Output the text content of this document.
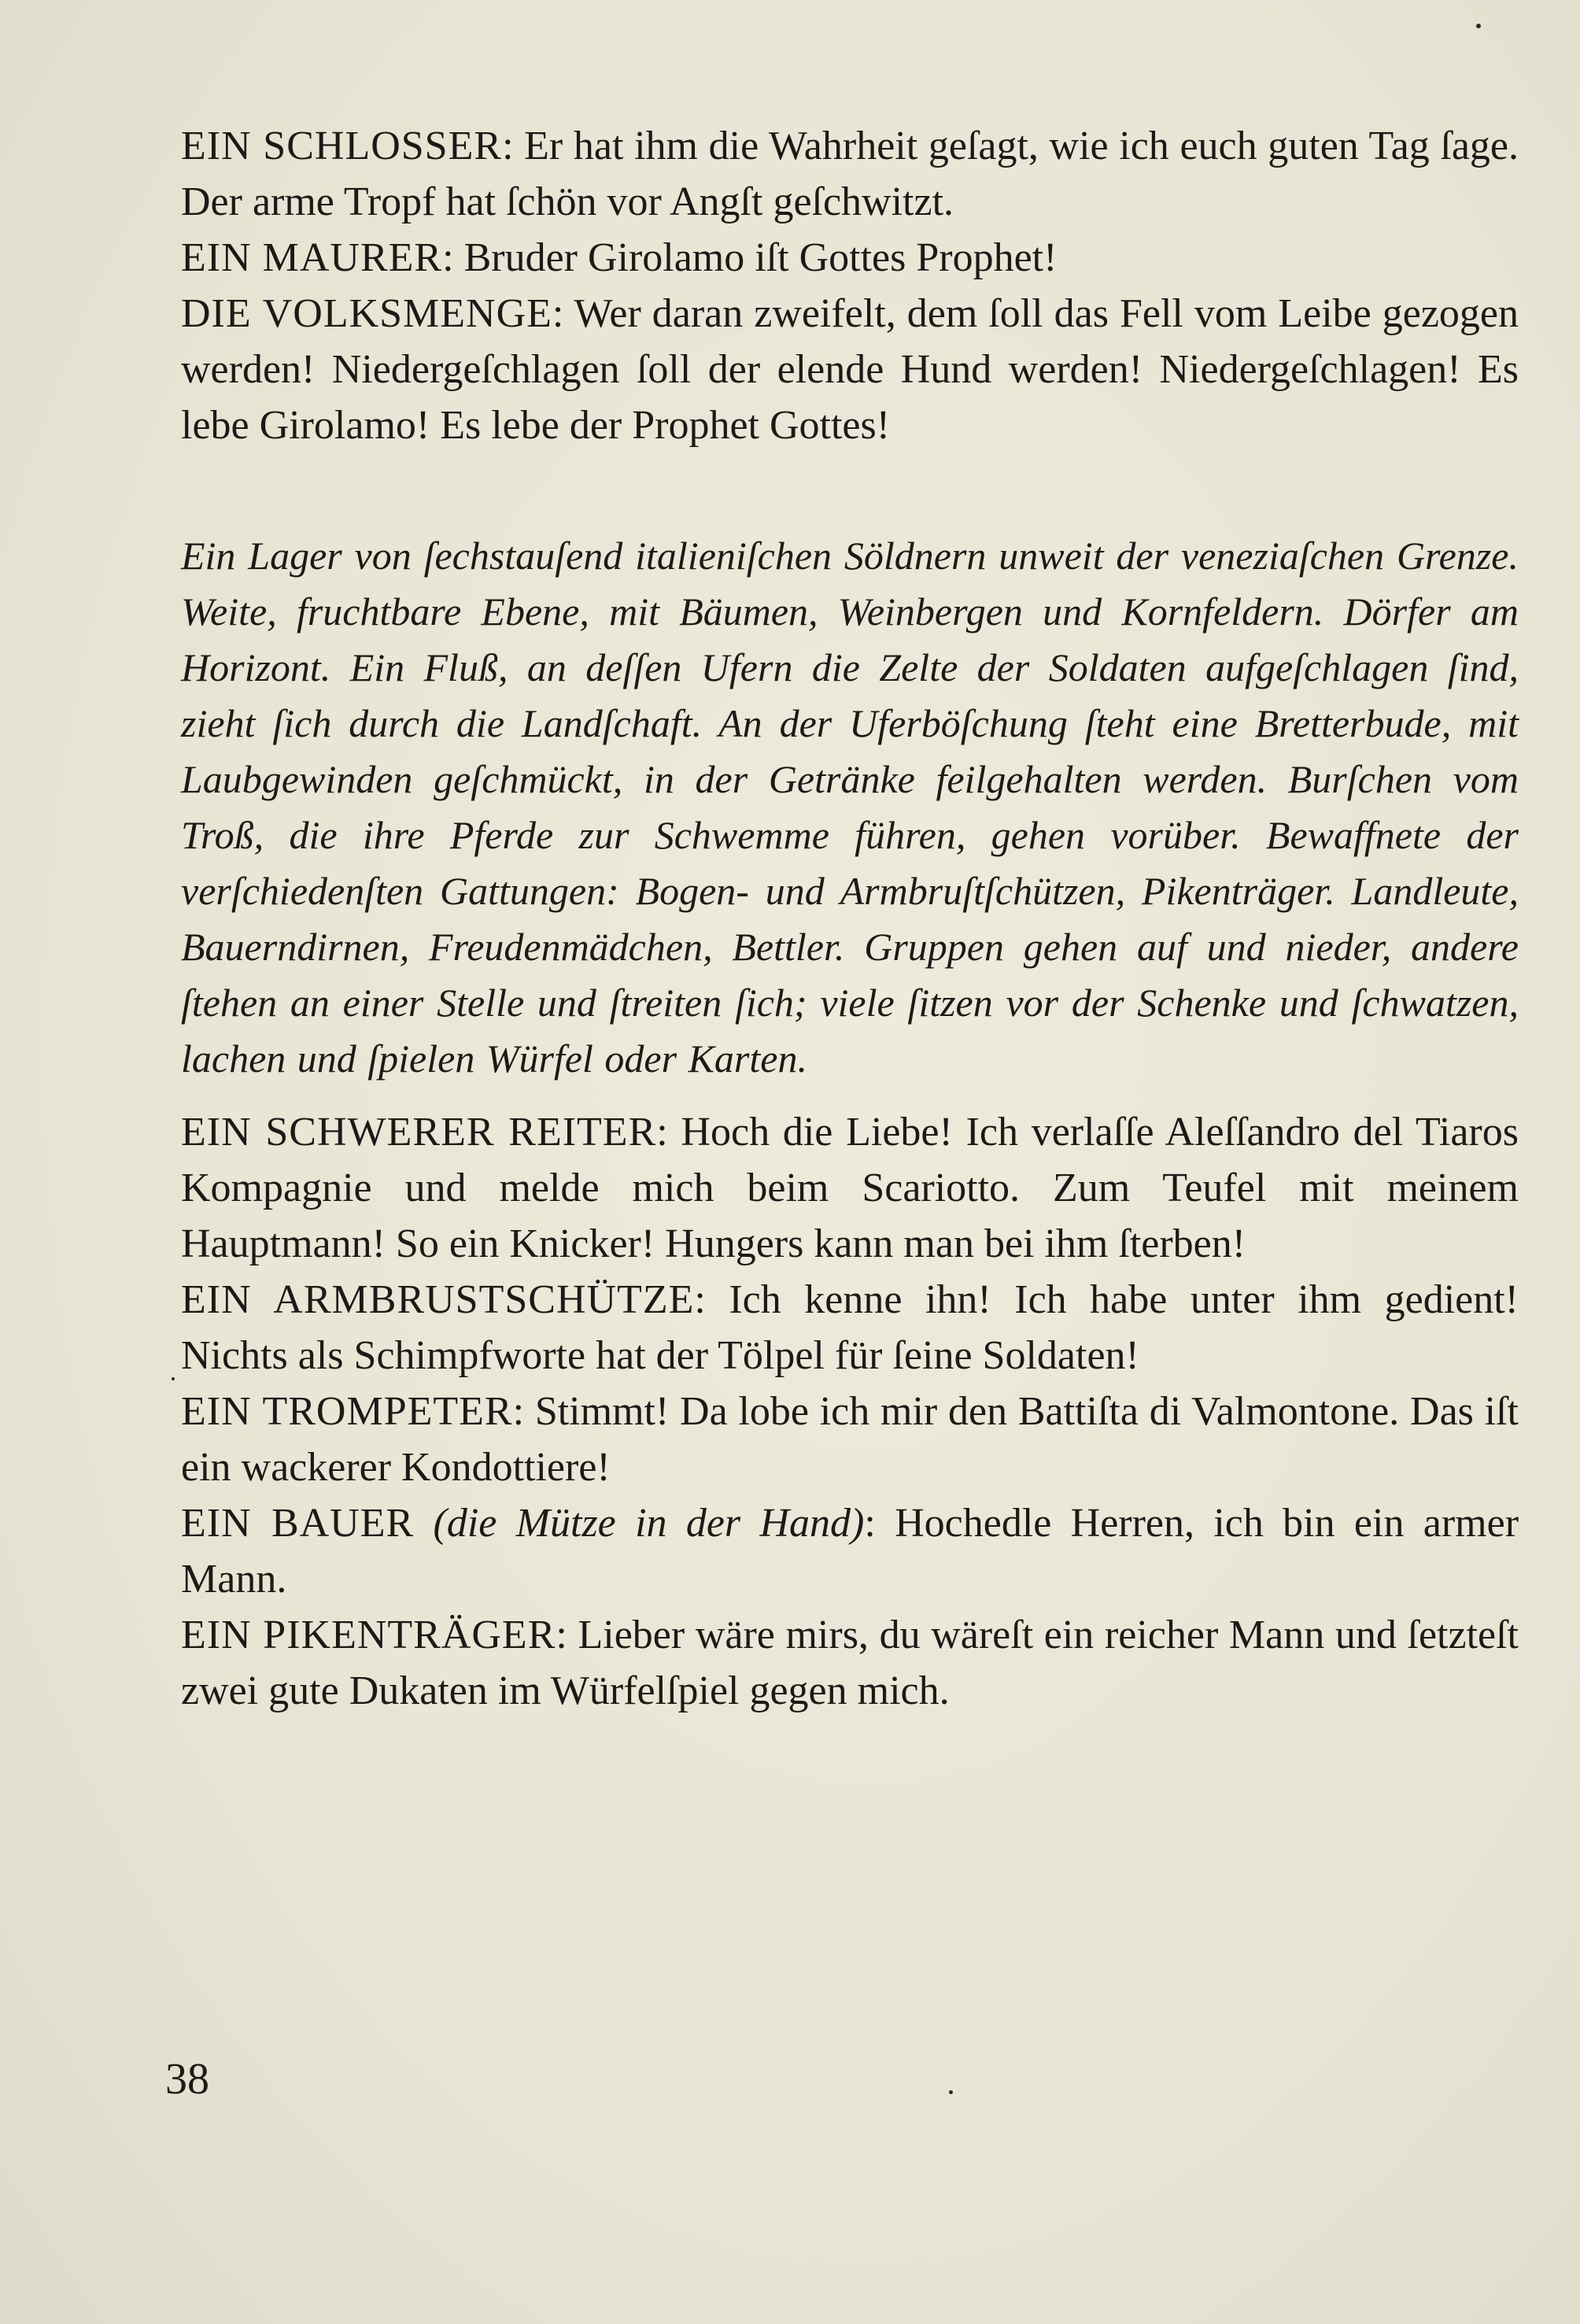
EIN SCHLOSSER: Er hat ihm die Wahrheit geſagt, wie ich euch guten Tag ſage. Der arme Tropf hat ſchön vor Angſt geſchwitzt.

EIN MAURER: Bruder Girolamo iſt Gottes Prophet!

DIE VOLKSMENGE: Wer daran zweifelt, dem ſoll das Fell vom Leibe gezogen werden! Niedergeſchlagen ſoll der elende Hund werden! Niedergeſchlagen! Es lebe Girolamo! Es lebe der Prophet Gottes!

Ein Lager von ſechstauſend italieniſchen Söldnern unweit der veneziaſchen Grenze. Weite, fruchtbare Ebene, mit Bäumen, Weinbergen und Kornfeldern. Dörfer am Horizont. Ein Fluß, an deſſen Ufern die Zelte der Soldaten aufgeſchlagen ſind, zieht ſich durch die Landſchaft. An der Uferböſchung ſteht eine Bretterbude, mit Laubgewinden geſchmückt, in der Getränke feilgehalten werden. Burſchen vom Troß, die ihre Pferde zur Schwemme führen, gehen vorüber. Bewaffnete der verſchiedenſten Gattungen: Bogen- und Armbruſtſchützen, Pikenträger. Landleute, Bauerndirnen, Freudenmädchen, Bettler. Gruppen gehen auf und nieder, andere ſtehen an einer Stelle und ſtreiten ſich; viele ſitzen vor der Schenke und ſchwatzen, lachen und ſpielen Würfel oder Karten.

EIN SCHWERER REITER: Hoch die Liebe! Ich verlaſſe Aleſſandro del Tiaros Kompagnie und melde mich beim Scariotto. Zum Teufel mit meinem Hauptmann! So ein Knicker! Hungers kann man bei ihm ſterben!

EIN ARMBRUSTSCHÜTZE: Ich kenne ihn! Ich habe unter ihm gedient! Nichts als Schimpfworte hat der Tölpel für ſeine Soldaten!

EIN TROMPETER: Stimmt! Da lobe ich mir den Battiſta di Valmontone. Das iſt ein wackerer Kondottiere!

EIN BAUER (die Mütze in der Hand): Hochedle Herren, ich bin ein armer Mann.

EIN PIKENTRÄGER: Lieber wäre mirs, du wäreſt ein reicher Mann und ſetzteſt zwei gute Dukaten im Würfelſpiel gegen mich.

38
